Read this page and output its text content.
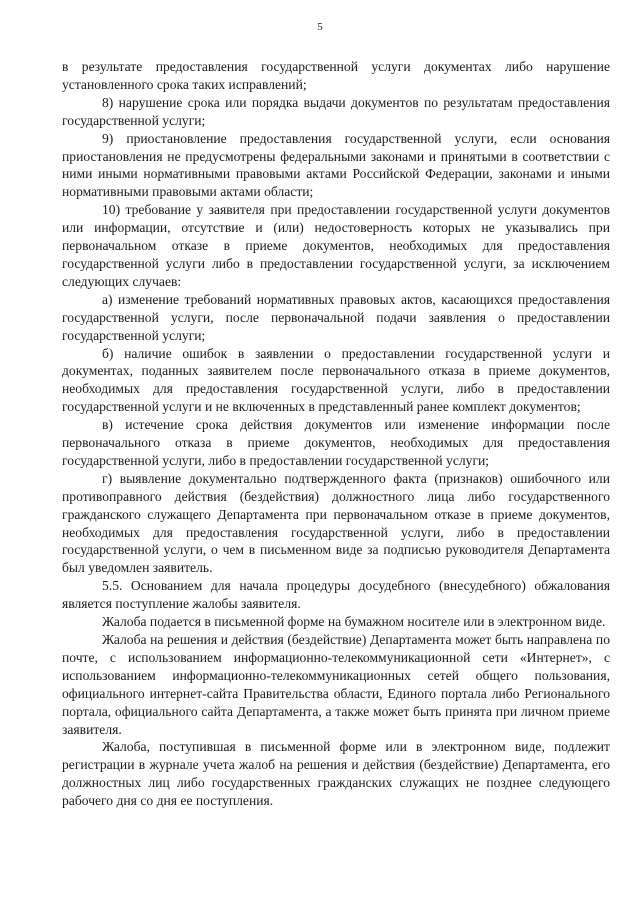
5

в результате предоставления государственной услуги документах либо нарушение установленного срока таких исправлений;

8) нарушение срока или порядка выдачи документов по результатам предоставления государственной услуги;

9) приостановление предоставления государственной услуги, если основания приостановления не предусмотрены федеральными законами и принятыми в соответствии с ними иными нормативными правовыми актами Российской Федерации, законами и иными нормативными правовыми актами области;

10) требование у заявителя при предоставлении государственной услуги документов или информации, отсутствие и (или) недостоверность которых не указывались при первоначальном отказе в приеме документов, необходимых для предоставления государственной услуги либо в предоставлении государственной услуги, за исключением следующих случаев:

а) изменение требований нормативных правовых актов, касающихся предоставления государственной услуги, после первоначальной подачи заявления о предоставлении государственной услуги;

б) наличие ошибок в заявлении о предоставлении государственной услуги и документах, поданных заявителем после первоначального отказа в приеме документов, необходимых для предоставления государственной услуги, либо в предоставлении государственной услуги и не включенных в представленный ранее комплект документов;

в) истечение срока действия документов или изменение информации после первоначального отказа в приеме документов, необходимых для предоставления государственной услуги, либо в предоставлении государственной услуги;

г) выявление документально подтвержденного факта (признаков) ошибочного или противоправного действия (бездействия) должностного лица либо государственного гражданского служащего Департамента при первоначальном отказе в приеме документов, необходимых для предоставления государственной услуги, либо в предоставлении государственной услуги, о чем в письменном виде за подписью руководителя Департамента был уведомлен заявитель.

5.5. Основанием для начала процедуры досудебного (внесудебного) обжалования является поступление жалобы заявителя.

Жалоба подается в письменной форме на бумажном носителе или в электронном виде.

Жалоба на решения и действия (бездействие) Департамента может быть направлена по почте, с использованием информационно-телекоммуникационной сети «Интернет», с использованием информационно-телекоммуникационных сетей общего пользования, официального интернет-сайта Правительства области, Единого портала либо Регионального портала, официального сайта Департамента, а также может быть принята при личном приеме заявителя.

Жалоба, поступившая в письменной форме или в электронном виде, подлежит регистрации в журнале учета жалоб на решения и действия (бездействие) Департамента, его должностных лиц либо государственных гражданских служащих не позднее следующего рабочего дня со дня ее поступления.
